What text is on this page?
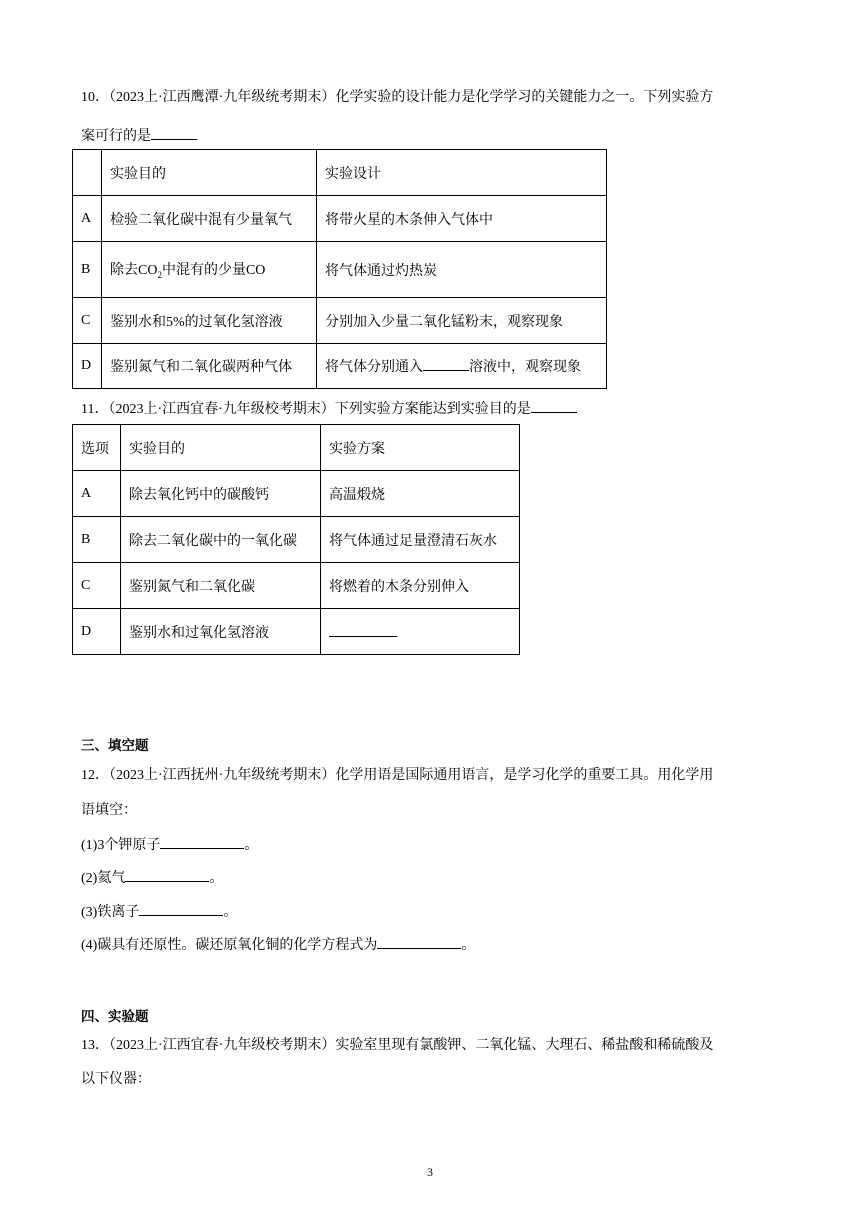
10．（2023上·江西鹰潭·九年级统考期末）化学实验的设计能力是化学学习的关键能力之一。下列实验方
案可行的是
	实验目的	实验设计
A	检验二氧化碳中混有少量氧气	将带火星的木条伸入气体中
B	除去$CO_2$中混有的少量CO	将气体通过灼热炭
C	鉴别水和5%的过氧化氢溶液	分别加入少量二氧化锰粉末，观察现象
D	鉴别氮气和二氧化碳两种气体	将气体分别通入 溶液中，观察现象
11．（2023上·江西宜春·九年级校考期末）下列实验方案能达到实验目的是
选项	实验目的	实验方案
A	除去氧化钙中的碳酸钙	高温煅烧
B	除去二氧化碳中的一氧化碳	将气体通过足量澄清石灰水
C	鉴别氮气和二氧化碳	将燃着的木条分别伸入
D	鉴别水和过氧化氢溶液	
三、填空题
12．（2023上·江西抚州·九年级统考期末）化学用语是国际通用语言，是学习化学的重要工具。用化学用
语填空：
(1)3个钾原子	。
(2)氦气	。
(3)铁离子	。
(4)碳具有还原性。碳还原氧化铜的化学方程式为	。
四、实验题
13．（2023上·江西宜春·九年级校考期末）实验室里现有氯酸钾、二氧化锰、大理石、稀盐酸和稀硫酸及
以下仪器：
3
